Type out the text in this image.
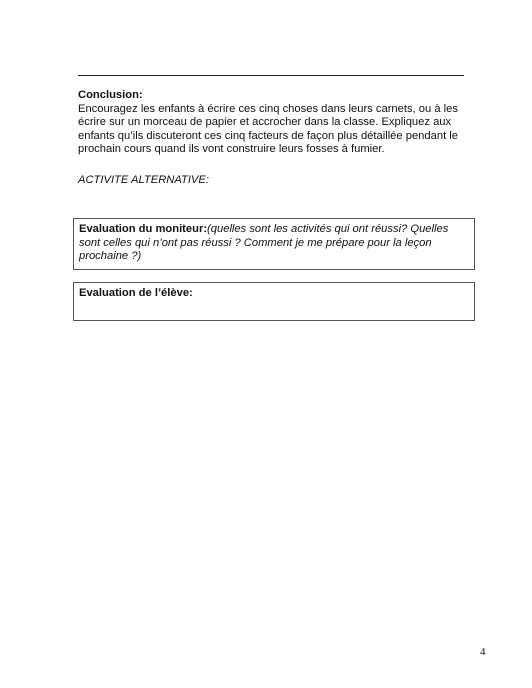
Conclusion:
Encouragez les enfants à écrire ces cinq choses dans leurs carnets, ou à les écrire sur un morceau de papier et accrocher dans la classe. Expliquez aux enfants qu’ils discuteront ces cinq facteurs de façon plus détaillée pendant le prochain cours quand ils vont construire leurs fosses à fumier.
ACTIVITE ALTERNATIVE:
Evaluation du moniteur:(quelles sont les activités qui ont réussi? Quelles sont celles qui n’ont pas réussi ? Comment je me prépare pour la leçon prochaine ?)
Evaluation de l’élève:
4
